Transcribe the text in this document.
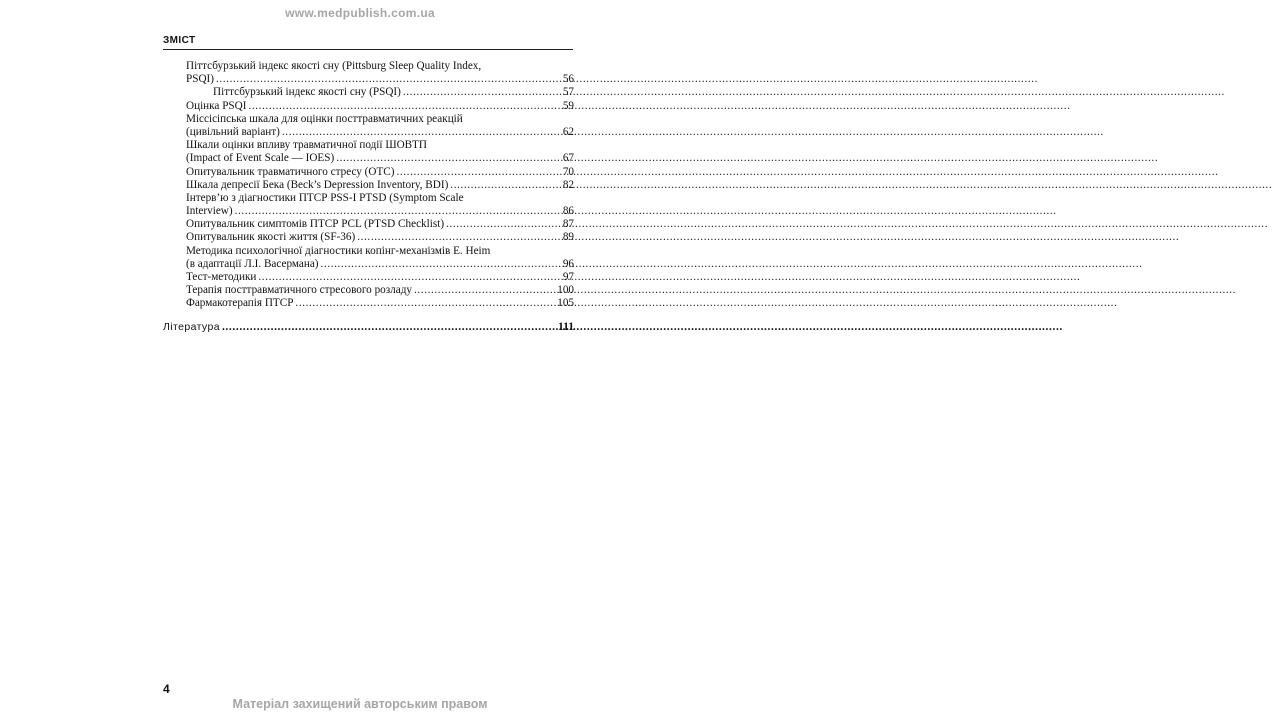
www.medpublish.com.ua
ЗМІСТ
Піттсбурзький індекс якості сну (Pittsburg Sleep Quality Index,
PSQI) .....	56
Піттсбурзький індекс якості сну (PSQI) .....	57
Оцінка PSQI .....	59
Міссісіпська шкала для оцінки посттравматичних реакцій
(цивільний варіант) .....	62
Шкали оцінки впливу травматичної події ШОВТП
(Impact of Event Scale — IOES) .....	67
Опитувальник травматичного стресу (ОТС) .....	70
Шкала депресії Бека (Beck’s Depression Inventory, BDI) .....	82
Інтерв’ю з діагностики ПТСР PSS-I PTSD (Symptom Scale
Interview) .....	86
Опитувальник симптомів ПТСР PCL (PTSD Checklist) .....	87
Опитувальник якості життя (SF-36) .....	89
Методика психологічної діагностики копінг-механізмів Е. Heim
(в адаптації Л.І. Васермана) .....	96
Тест-методики .....	97
Терапія посттравматичного стресового розладу .....	100
Фармакотерапія ПТСР .....	105
Література .....	111
4
Матеріал захищений авторським правом
